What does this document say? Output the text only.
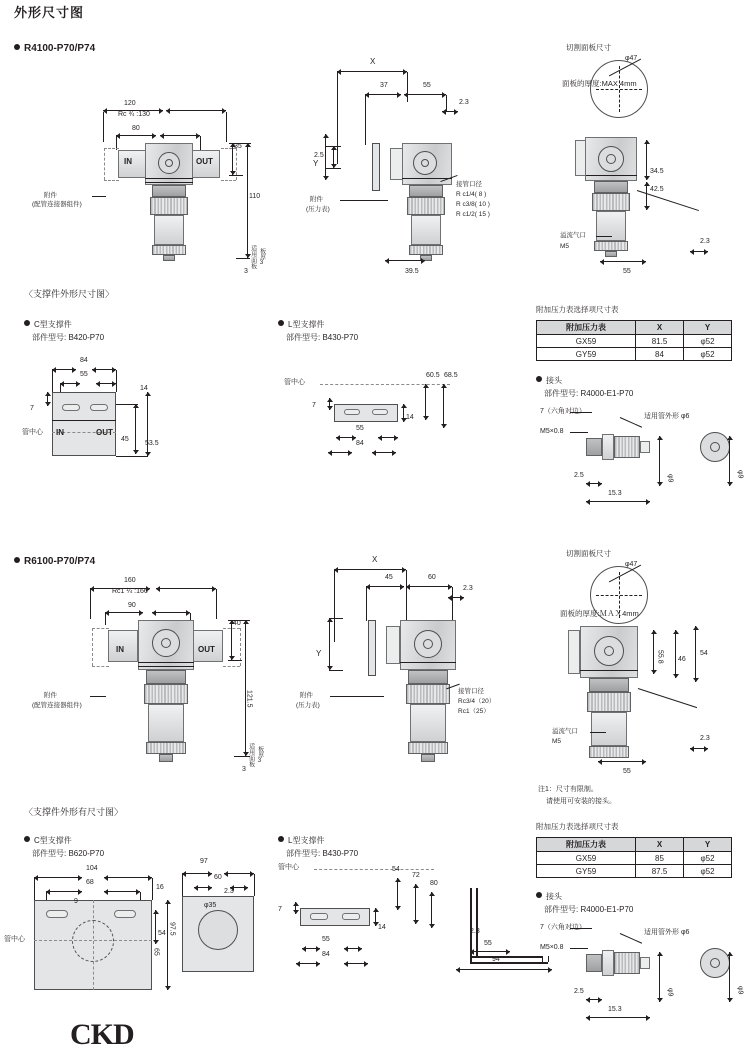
外形尺寸图
R4100-P70/P74
120
Rc ¾ :130
80
IN	OUT
附件
(配管连接器组件)
35
110
3
适用面板 板厚3
X
55
37
2.3
2.5
Y
附件
(压力表)
39.5
接管口径
R c1/4( 8 )
R c3/8( 10 )
R c1/2( 15 )
切割面板尺寸
φ47
面板的厚度:MAX 4mm
34.5
42.5
溢流气口
M5
2.3
55
〈支撑件外形尺寸图〉
C型支撑件
部件型号: B420-P70
84
55
14
7
45
53.5
管中心 IN	OUT
L型支撑件
部件型号: B430-P70
管中心
7
14
55
84
60.5 68.5
附加压力表选择项尺寸表
附加压力表	X	Y
GX59	81.5	φ52
GY59	84	φ52
接头
部件型号: R4000-E1-P70
7（六角对边）
M5×0.8
适用管外形 φ6
2.5
15.3
φ9	φ9
R6100-P70/P74
160
Rc1 ¼ :166
90
IN	OUT
附件
(配管连接器组件)
40
121.5
3
适用面板 板厚3
X
45	60
2.3
Y
附件
(压力表)
接管口径
Rc3/4（20）
Rc1（25）
切割面板尺寸
φ47
面板的厚度:ＭＡＸ4mm
46
54
55.8
溢流气口
M5	2.3
55
注1：尺寸有限制。
请使用可安装的接头。
〈支撑件外形有尺寸图〉
C型支撑件
部件型号: B620-P70
104
68
16
9
54 97.5
65
管中心
97
60
2.3
φ35
L型支撑件
部件型号: B430-P70
管中心
7
14
55
84
54
72
80
2.3
55
94
附加压力表选择项尺寸表
附加压力表	X	Y
GX59	85	φ52
GY59	87.5	φ52
接头
部件型号: R4000-E1-P70
7（六角对边）
M5×0.8
适用管外形 φ6
2.5
15.3
φ9	φ9
CKD
